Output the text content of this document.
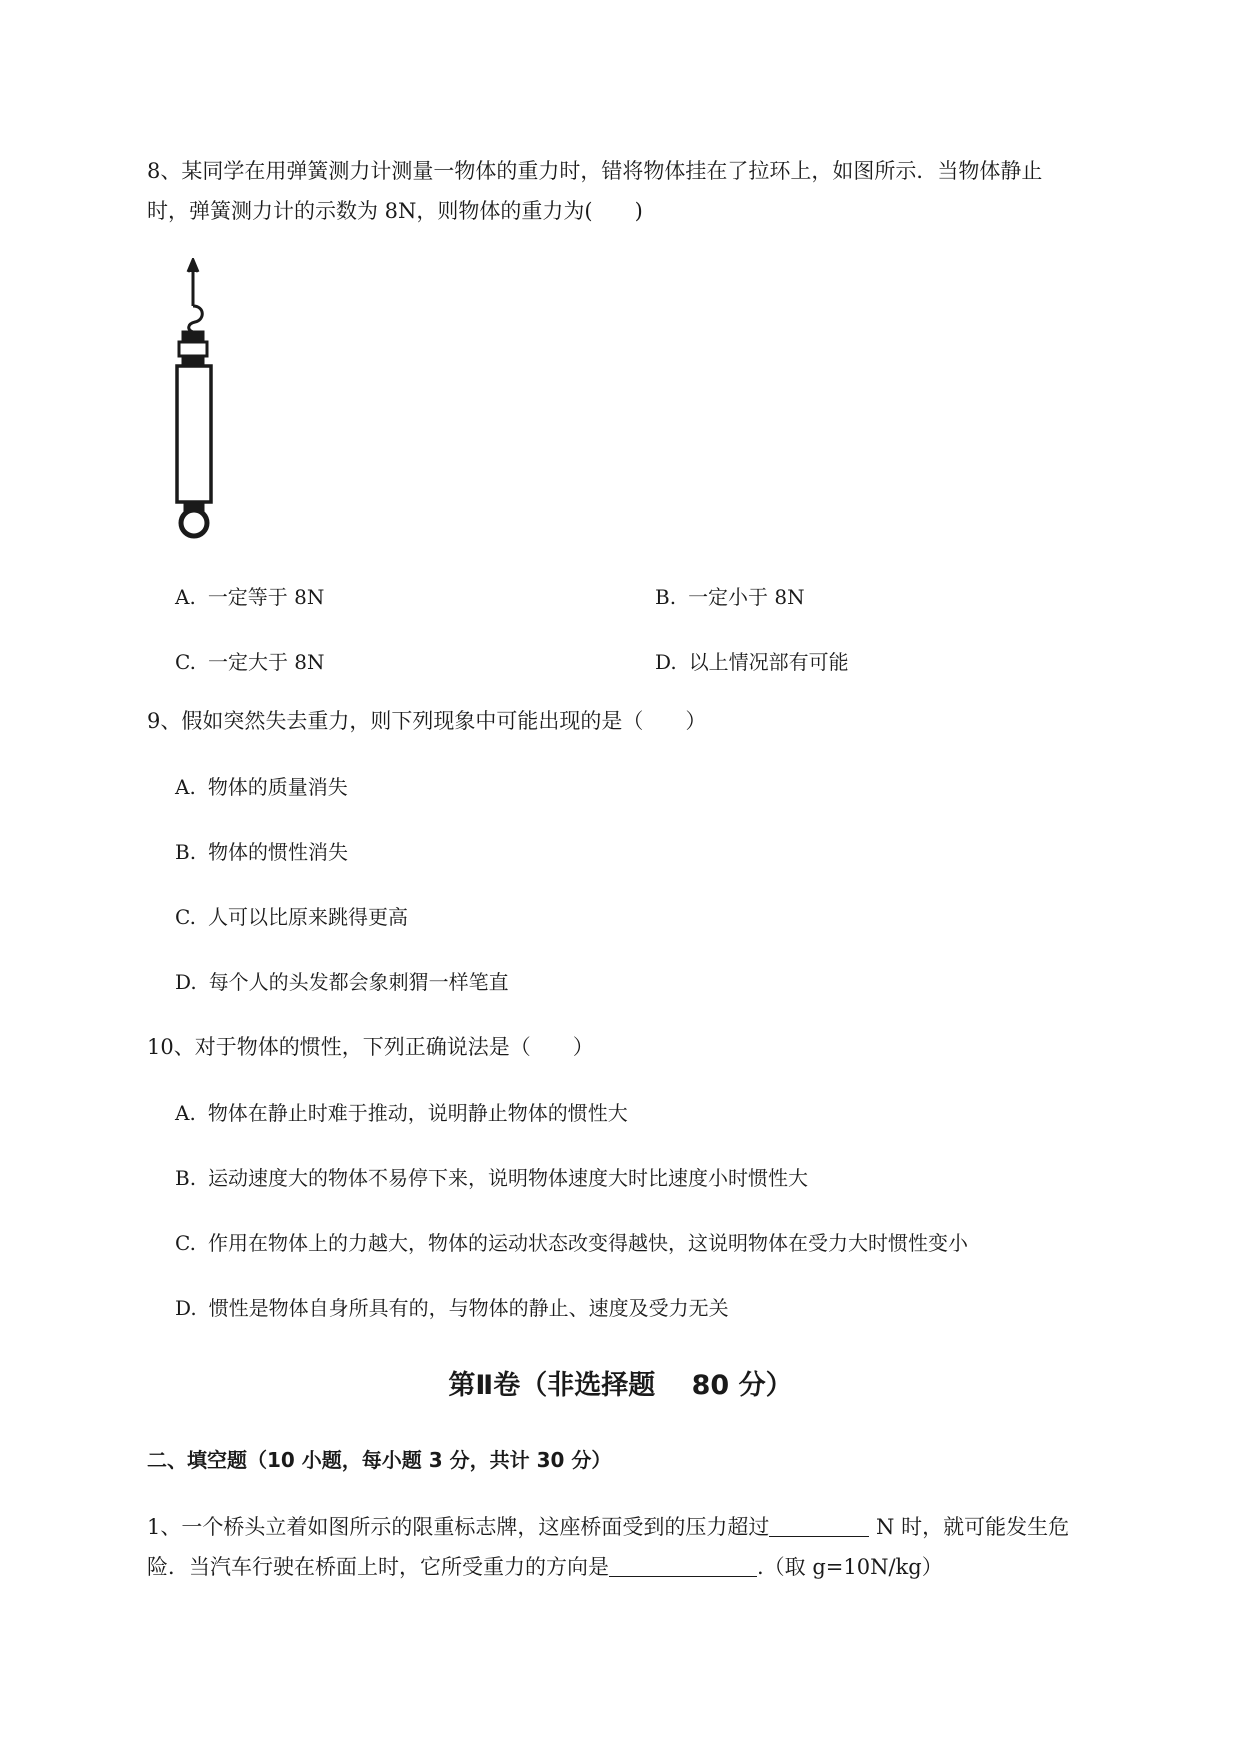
8、某同学在用弹簧测力计测量一物体的重力时，错将物体挂在了拉环上，如图所示．当物体静止
时，弹簧测力计的示数为 8N，则物体的重力为(　　)
A. 一定等于 8N	B. 一定小于 8N
C. 一定大于 8N	D. 以上情况部有可能
9、假如突然失去重力，则下列现象中可能出现的是（　　）
A. 物体的质量消失
B. 物体的惯性消失
C. 人可以比原来跳得更高
D. 每个人的头发都会象刺猬一样笔直
10、对于物体的惯性，下列正确说法是（　　）
A. 物体在静止时难于推动，说明静止物体的惯性大
B. 运动速度大的物体不易停下来，说明物体速度大时比速度小时惯性大
C. 作用在物体上的力越大，物体的运动状态改变得越快，这说明物体在受力大时惯性变小
D. 惯性是物体自身所具有的，与物体的静止、速度及受力无关
第Ⅱ卷（非选择题　 80 分）
二、填空题（10 小题，每小题 3 分，共计 30 分）
1、一个桥头立着如图所示的限重标志牌，这座桥面受到的压力超过	N 时，就可能发生危
险．当汽车行驶在桥面上时，它所受重力的方向是	.（取 g=10N/kg）
